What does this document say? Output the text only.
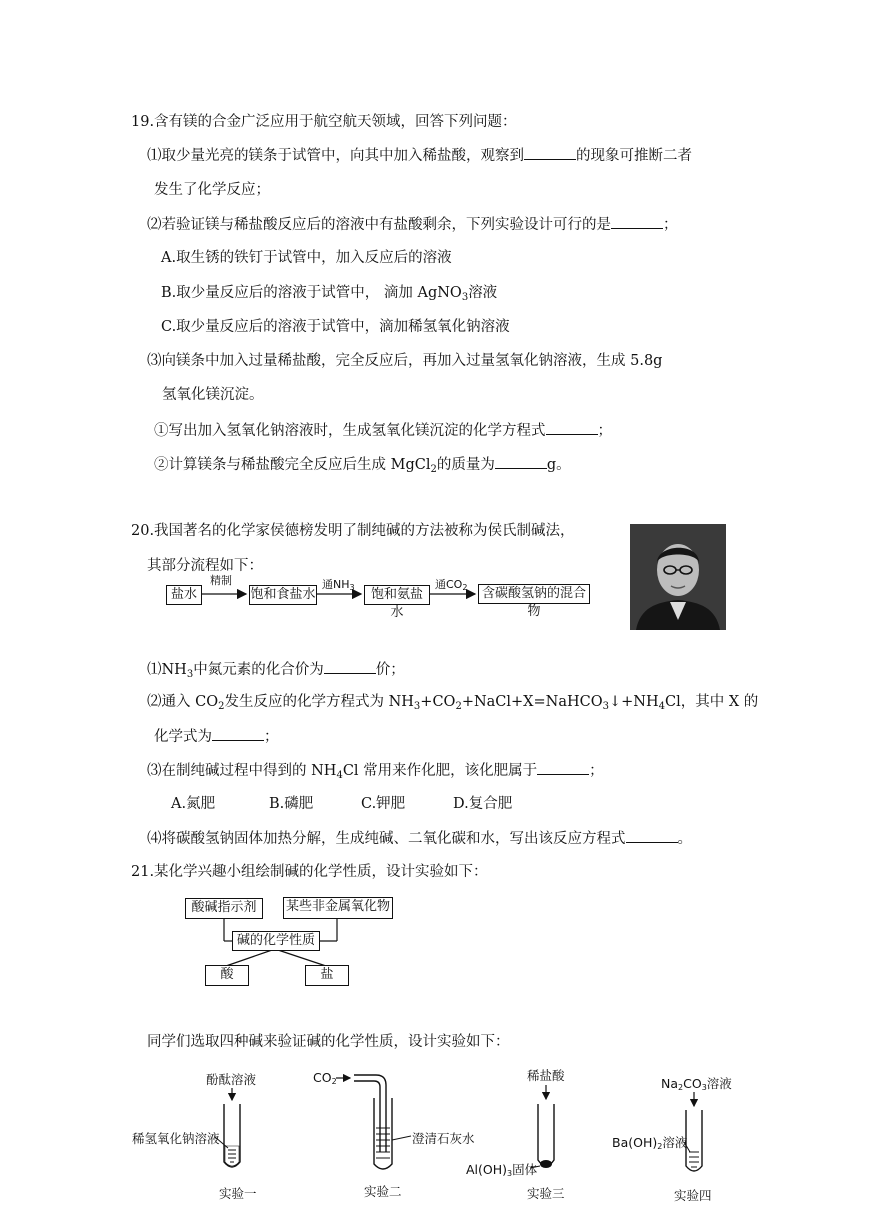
19.含有镁的合金广泛应用于航空航天领域，回答下列问题：
⑴取少量光亮的镁条于试管中，向其中加入稀盐酸，观察到	的现象可推断二者
发生了化学反应；
⑵若验证镁与稀盐酸反应后的溶液中有盐酸剩余，下列实验设计可行的是	；
A.取生锈的铁钉于试管中，加入反应后的溶液
B.取少量反应后的溶液于试管中， 滴加 AgNO$_3$溶液
C.取少量反应后的溶液于试管中，滴加稀氢氧化钠溶液
⑶向镁条中加入过量稀盐酸，完全反应后，再加入过量氢氧化钠溶液，生成 5.8g
氢氧化镁沉淀。
①写出加入氢氧化钠溶液时，生成氢氧化镁沉淀的化学方程式	；
②计算镁条与稀盐酸完全反应后生成 MgCl$_2$的质量为	g。
20.我国著名的化学家侯德榜发明了制纯碱的方法被称为侯氏制碱法，
其部分流程如下：
盐水
精制
饱和食盐水
通NH3	饱和氨盐水
通CO2	含碳酸氢钠的混合物
$⑴NH_3$中氮元素的化合价为	价；
⑵通入 $CO_2$发生反应的化学方程式为 $NH_3+CO_2+NaCl+X=NaHCO_3↓+NH_4Cl$，其中 X 的
化学式为	；
⑶在制纯碱过程中得到的 $NH_4Cl$ 常用来作化肥，该化肥属于	；
A.氮肥	B.磷肥	C.钾肥	D.复合肥
⑷将碳酸氢钠固体加热分解，生成纯碱、二氧化碳和水，写出该反应方程式	。
21.某化学兴趣小组绘制碱的化学性质，设计实验如下：
酸碱指示剂	某些非金属氧化物
碱的化学性质
酸	盐
同学们选取四种碱来验证碱的化学性质，设计实验如下：
酚酞溶液
稀氢氧化钠溶液
实验一
CO2
澄清石灰水
实验二
稀盐酸
Al(OH)3固体
实验三
Na2CO3溶液
Ba(OH)2溶液
实验四
